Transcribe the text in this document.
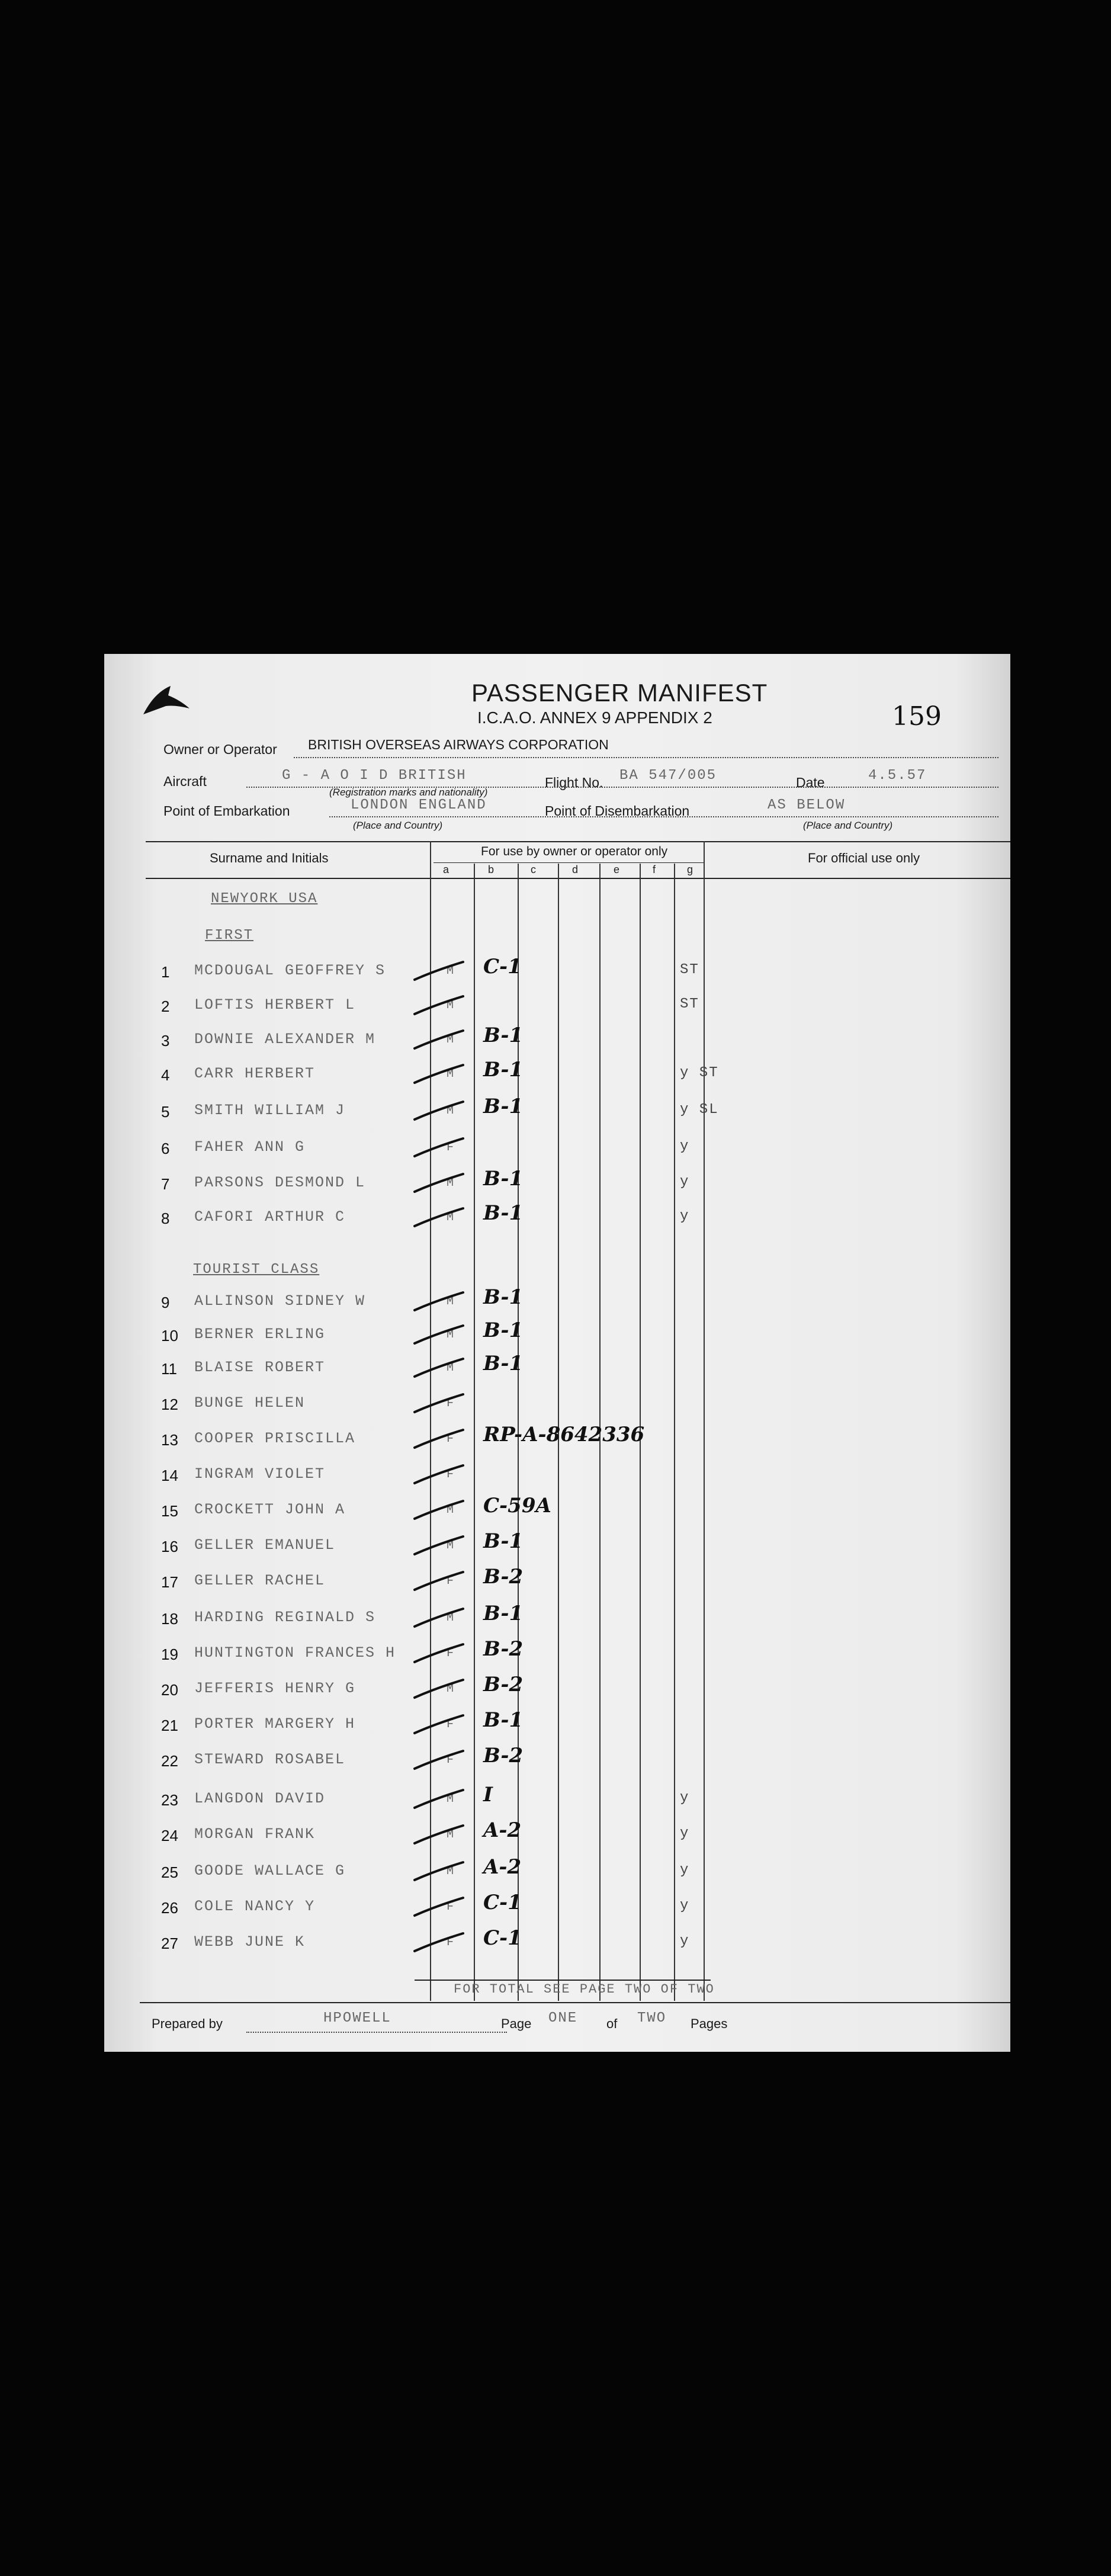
PASSENGER MANIFEST
I.C.A.O. ANNEX 9 APPENDIX 2	159
Owner or Operator BRITISH OVERSEAS AIRWAYS CORPORATION
Aircraft	G - A O I D BRITISH
(Registration marks and nationality)
Flight No. BA 547/005	Date	4.5.57
Point of Embarkation	LONDON ENGLAND
(Place and Country)
Point of Disembarkation	AS BELOW
(Place and Country)
Surname and Initials	For use by owner or operator only	For official use only
a	b	c	d	e	f	g
NEWYORK USA
FIRST
TOURIST CLASS
1 MCDOUGAL GEOFFREY S	M C-1	ST
2 LOFTIS HERBERT L	M	ST
3 DOWNIE ALEXANDER M	M B-1
4 CARR HERBERT	M B-1	y ST
5 SMITH WILLIAM J	M B-1	y SL
6 FAHER ANN G	F	y
7 PARSONS DESMOND L	M B-1	y
8 CAFORI ARTHUR C	M B-1	y
9 ALLINSON SIDNEY W	M B-1
10 BERNER ERLING	M B-1
11 BLAISE ROBERT	M B-1
12 BUNGE HELEN	F
13 COOPER PRISCILLA	F RP-A-8642336
14 INGRAM VIOLET	F
15 CROCKETT JOHN A	M C-59A
16 GELLER EMANUEL	M B-1
17 GELLER RACHEL	F B-2
18 HARDING REGINALD S	M B-1
19 HUNTINGTON FRANCES H	F B-2
20 JEFFERIS HENRY G	M B-2
21 PORTER MARGERY H	F B-1
22 STEWARD ROSABEL	F B-2
23 LANGDON DAVID	M I	y
24 MORGAN FRANK	M A-2	y
25 GOODE WALLACE G	M A-2	y
26 COLE NANCY Y	F C-1	y
27 WEBB JUNE K	F C-1	y
FOR TOTAL SEE PAGE TWO OF TWO
Prepared by	HPOWELL	Page ONE of TWO Pages
